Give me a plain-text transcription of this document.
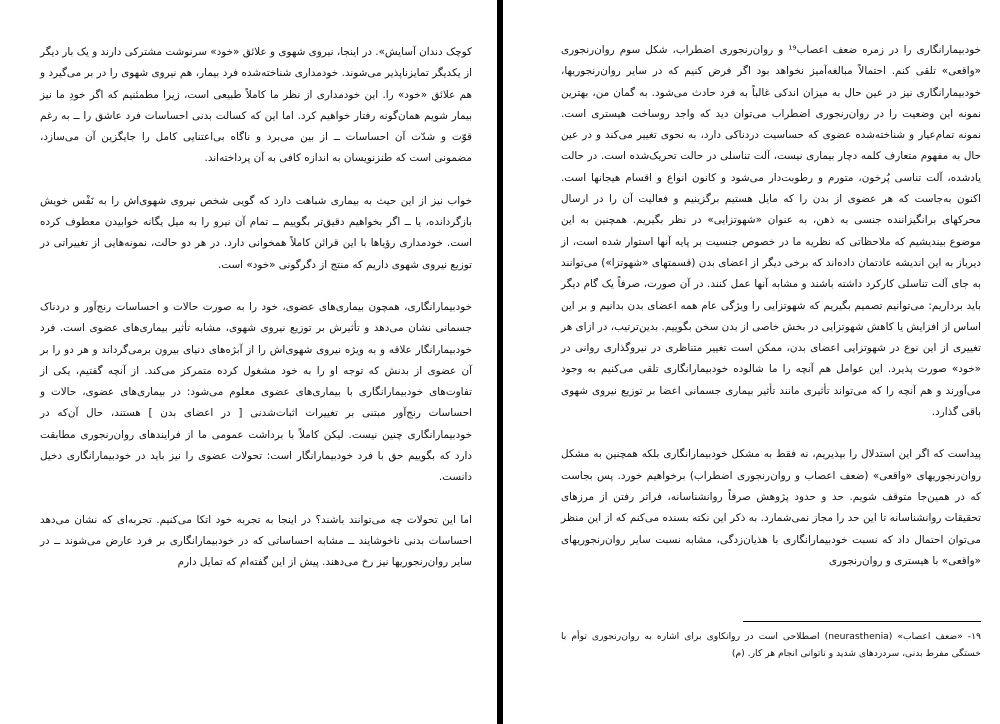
کوچک دندان آسایش». در اینجا، نیروی شهوی و علائق «خود» سرنوشت مشترکی دارند و یک بار دیگر از یکدیگر تمایزناپذیر می‌شوند. خودمداری شناخته‌شده فرد بیمار، هم نیروی شهوی را در بر می‌گیرد و هم علائق «خود» را. این خودمداری از نظر ما کاملاً طبیعی است، زیرا مطمئنیم که اگر خودِ ما نیز بیمار شویم همان‌گونه رفتار خواهیم کرد. اما این که کسالت بدنی احساسات فرد عاشق را ــ به رغم قوّت و شدّت آن احساسات ــ از بین می‌برد و ناگاه بی‌اعتنایی کامل را جایگزین آن می‌سازد، مضمونی است که طنزنویسان به اندازه کافی به آن پرداخته‌اند.

خواب نیز از این حیث به بیماری شباهت دارد که گویی شخص نیروی شهوی‌اش را به نَفْس خویش بازگردانده، یا ــ اگر بخواهیم دقیق‌تر بگوییم ــ تمام آن نیرو را به میل یگانه خوابیدن معطوف کرده است. خودمداری رؤیاها با این قرائن کاملاً همخوانی دارد. در هر دو حالت، نمونه‌هایی از تغییراتی در توزیع نیروی شهوی داریم که منتج از دگرگونی «خود» است.

خودبیمارانگاری، همچون بیماری‌های عضوی، خود را به صورت حالات و احساسات رنج‌آور و دردناک جسمانی نشان می‌دهد و تأثیرش بر توزیع نیروی شهوی، مشابه تأثیر بیماری‌های عضوی است. فرد خودبیمارانگار علاقه و به ویژه نیروی شهوی‌اش را از آبژه‌های دنیای بیرون برمی‌گرداند و هر دو را بر آن عضوی از بدنش که توجه او را به خود مشغول کرده متمرکز می‌کند. از آنچه گفتیم، یکی از تفاوت‌های خودبیمارانگاری با بیماری‌های عضوی معلوم می‌شود: در بیماری‌های عضوی، حالات و احساسات رنج‌آور مبتنی بر تغییرات اثبات‌شدنی [ در اعضای بدن ] هستند، حال آن‌که در خودبیمارانگاری چنین نیست. لیکن کاملاً با برداشت عمومی ما از فرایندهای روان‌رنجوری مطابقت دارد که بگوییم حق با فرد خودبیمارانگار است: تحولات عضوی را نیز باید در خودبیمارانگاری دخیل دانست.

اما این تحولات چه می‌توانند باشند؟ در اینجا به تجربه خود اتکا می‌کنیم. تجربه‌ای که نشان می‌دهد احساسات بدنی ناخوشایند ــ مشابه احساساتی که در خودبیمارانگاری بر فرد عارض می‌شوند ــ در سایر روان‌رنجوریها نیز رخ می‌دهند. پیش از این گفته‌ام که تمایل دارم

خودبیمارانگاری را در زمره ضعف اعصاب¹⁹ و روان‌رنجوری اضطراب، شکل سوم روان‌رنجوری «واقعی» تلقی کنم. احتمالاً مبالغه‌آمیز نخواهد بود اگر فرض کنیم که در سایر روان‌رنجوریها، خودبیمارانگاری نیز در عین حال به میزان اندکی غالباً به فرد حادث می‌شود. به گمان من، بهترین نمونه این وضعیت را در روان‌رنجوری اضطراب می‌توان دید که واجد روساخت هیستری است. نمونه تمام‌عیار و شناخته‌شده عضوی که حساسیت دردناکی دارد، به نحوی تغییر می‌کند و در عین حال به مفهوم متعارف کلمه دچار بیماری نیست، آلت تناسلی در حالت تحریک‌شده است. در حالت یادشده، آلت تناسی پُرخون، متورم و رطوبت‌دار می‌شود و کانون انواع و اقسام هیجانها است. اکنون به‌جاست که هر عضوی از بدن را که مایل هستیم برگزینیم و فعالیت آن را در ارسال محرکهای برانگیزاننده جنسی به ذهن، به عنوان «شهوتزایی» در نظر بگیریم. همچنین به این موضوع بیندیشیم که ملاحظاتی که نظریه ما در خصوص جنسیت بر پایه آنها استوار شده است، از دیرباز به این اندیشه عادتمان داده‌اند که برخی دیگر از اعضای بدن (قسمتهای «شهوتزا») می‌توانند به جای آلت تناسلی کارکرد داشته باشند و مشابه آنها عمل کنند. در آن صورت، صرفاً یک گام دیگر باید برداریم: می‌توانیم تصمیم بگیریم که شهوتزایی را ویژگی عام همه اعضای بدن بدانیم و بر این اساس از افزایش یا کاهش شهوتزایی در بخش خاصی از بدن سخن بگوییم. بدین‌ترتیب، در ازای هر تغییری از این نوع در شهوتزایی اعضای بدن، ممکن است تغییر متناظری در نیروگذاری روانی در «خود» صورت پذیرد. این عوامل هم آنچه را ما شالوده خودبیمارانگاری تلقی می‌کنیم به وجود می‌آورند و هم آنچه را که می‌تواند تأثیری مانند تأثیر بیماری جسمانی اعضا بر توزیع نیروی شهوی باقی گذارد.

پیداست که اگر این استدلال را بپذیریم، نه فقط به مشکل خودبیمارانگاری بلکه همچنین به مشکل روان‌رنجوریهای «واقعی» (ضعف اعصاب و روان‌رنجوری اضطراب) برخواهیم خورد. پس بجاست که در همین‌جا متوقف شویم. حد و حدود پژوهش صرفاً روانشناسانه، فراتر رفتن از مرزهای تحقیقات روانشناسانه تا این حد را مجاز نمی‌شمارد. به ذکر این نکته بسنده می‌کنم که از این منظر می‌توان احتمال داد که نسبت خودبیمارانگاری با هذیان‌زدگی، مشابه نسبت سایر روان‌رنجوریهای «واقعی» با هیستری و روان‌رنجوری

۱۹- «ضعف اعصاب» (neurasthenia) اصطلاحی است در روانکاوی برای اشاره به روان‌رنجوری توأم با خستگی مفرط بدنی، سردردهای شدید و ناتوانی انجام هر کار. (م)
